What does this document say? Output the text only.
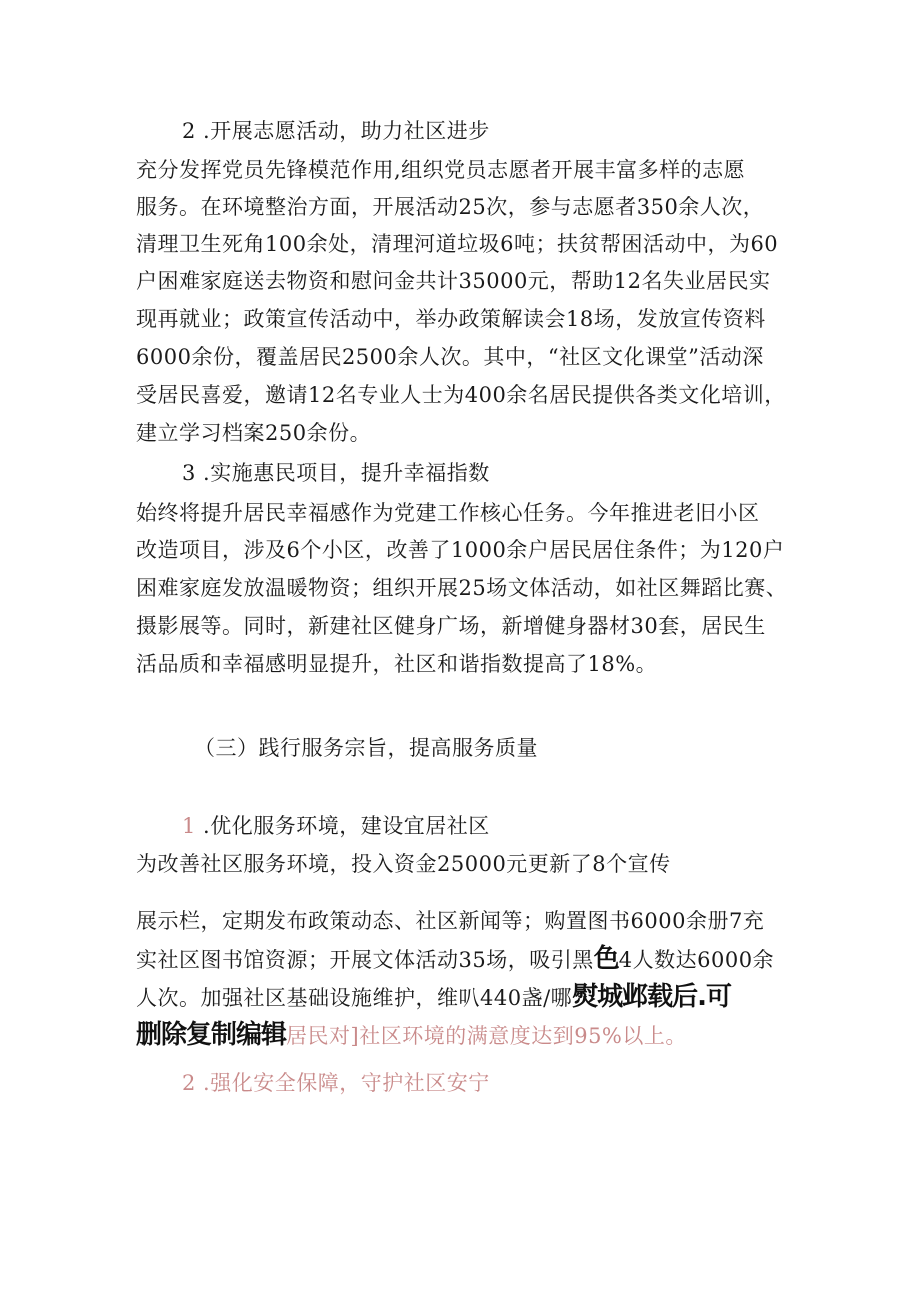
2 .开展志愿活动，助力社区进步
充分发挥党员先锋模范作用,组织党员志愿者开展丰富多样的志愿
服务。在环境整治方面，开展活动25次，参与志愿者350余人次，
清理卫生死角100余处，清理河道垃圾6吨；扶贫帮困活动中，为60
户困难家庭送去物资和慰问金共计35000元，帮助12名失业居民实
现再就业；政策宣传活动中，举办政策解读会18场，发放宣传资料
6000余份，覆盖居民2500余人次。其中，“社区文化课堂”活动深
受居民喜爱，邀请12名专业人士为400余名居民提供各类文化培训，
建立学习档案250余份。
3 .实施惠民项目，提升幸福指数
始终将提升居民幸福感作为党建工作核心任务。今年推进老旧小区
改造项目，涉及6个小区，改善了1000余户居民居住条件；为120户
困难家庭发放温暖物资；组织开展25场文体活动，如社区舞蹈比赛、
摄影展等。同时，新建社区健身广场，新增健身器材30套，居民生
活品质和幸福感明显提升，社区和谐指数提高了18%。
（三）践行服务宗旨，提高服务质量
1 .优化服务环境，建设宜居社区
为改善社区服务环境，投入资金25000元更新了8个宣传
展示栏，定期发布政策动态、社区新闻等；购置图书6000余册7充
实社区图书馆资源；开展文体活动35场，吸引黑色4人数达6000余
人次。加强社区基础设施维护，维叭440盏/哪熨城邺载后.可
删除复制编辑居民对]社区环境的满意度达到95%以上。
2 .强化安全保障，守护社区安宁
